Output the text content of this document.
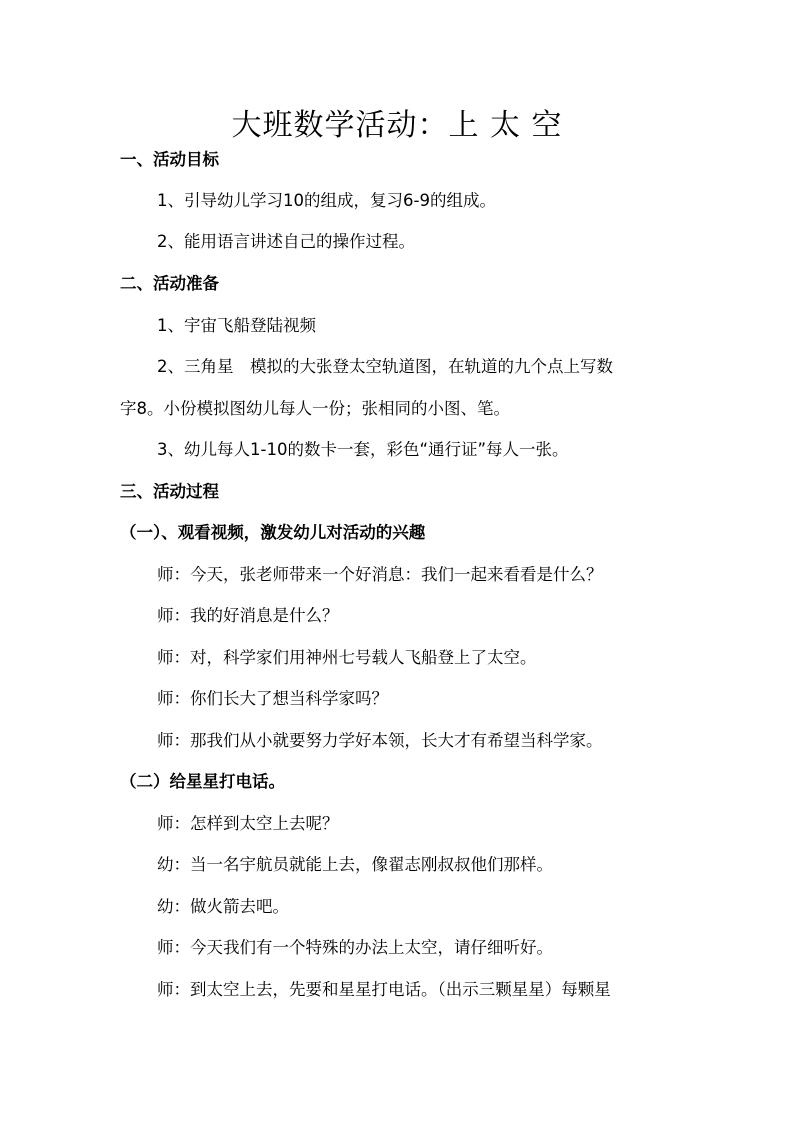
大班数学活动：上 太 空
一、活动目标
1、引导幼儿学习10的组成，复习6-9的组成。
2、能用语言讲述自己的操作过程。
二、活动准备
1、宇宙飞船登陆视频
2、三角星　模拟的大张登太空轨道图，在轨道的九个点上写数
字8。小份模拟图幼儿每人一份；张相同的小图、笔。
3、幼儿每人1-10的数卡一套，彩色“通行证”每人一张。
三、活动过程
（一）、观看视频，激发幼儿对活动的兴趣
师：今天，张老师带来一个好消息：我们一起来看看是什么？
师：我的好消息是什么？
师：对，科学家们用神州七号载人飞船登上了太空。
师：你们长大了想当科学家吗？
师：那我们从小就要努力学好本领，长大才有希望当科学家。
（二）给星星打电话。
师：怎样到太空上去呢？
幼：当一名宇航员就能上去，像翟志刚叔叔他们那样。
幼：做火箭去吧。
师：今天我们有一个特殊的办法上太空，请仔细听好。
师：到太空上去，先要和星星打电话。（出示三颗星星）每颗星
